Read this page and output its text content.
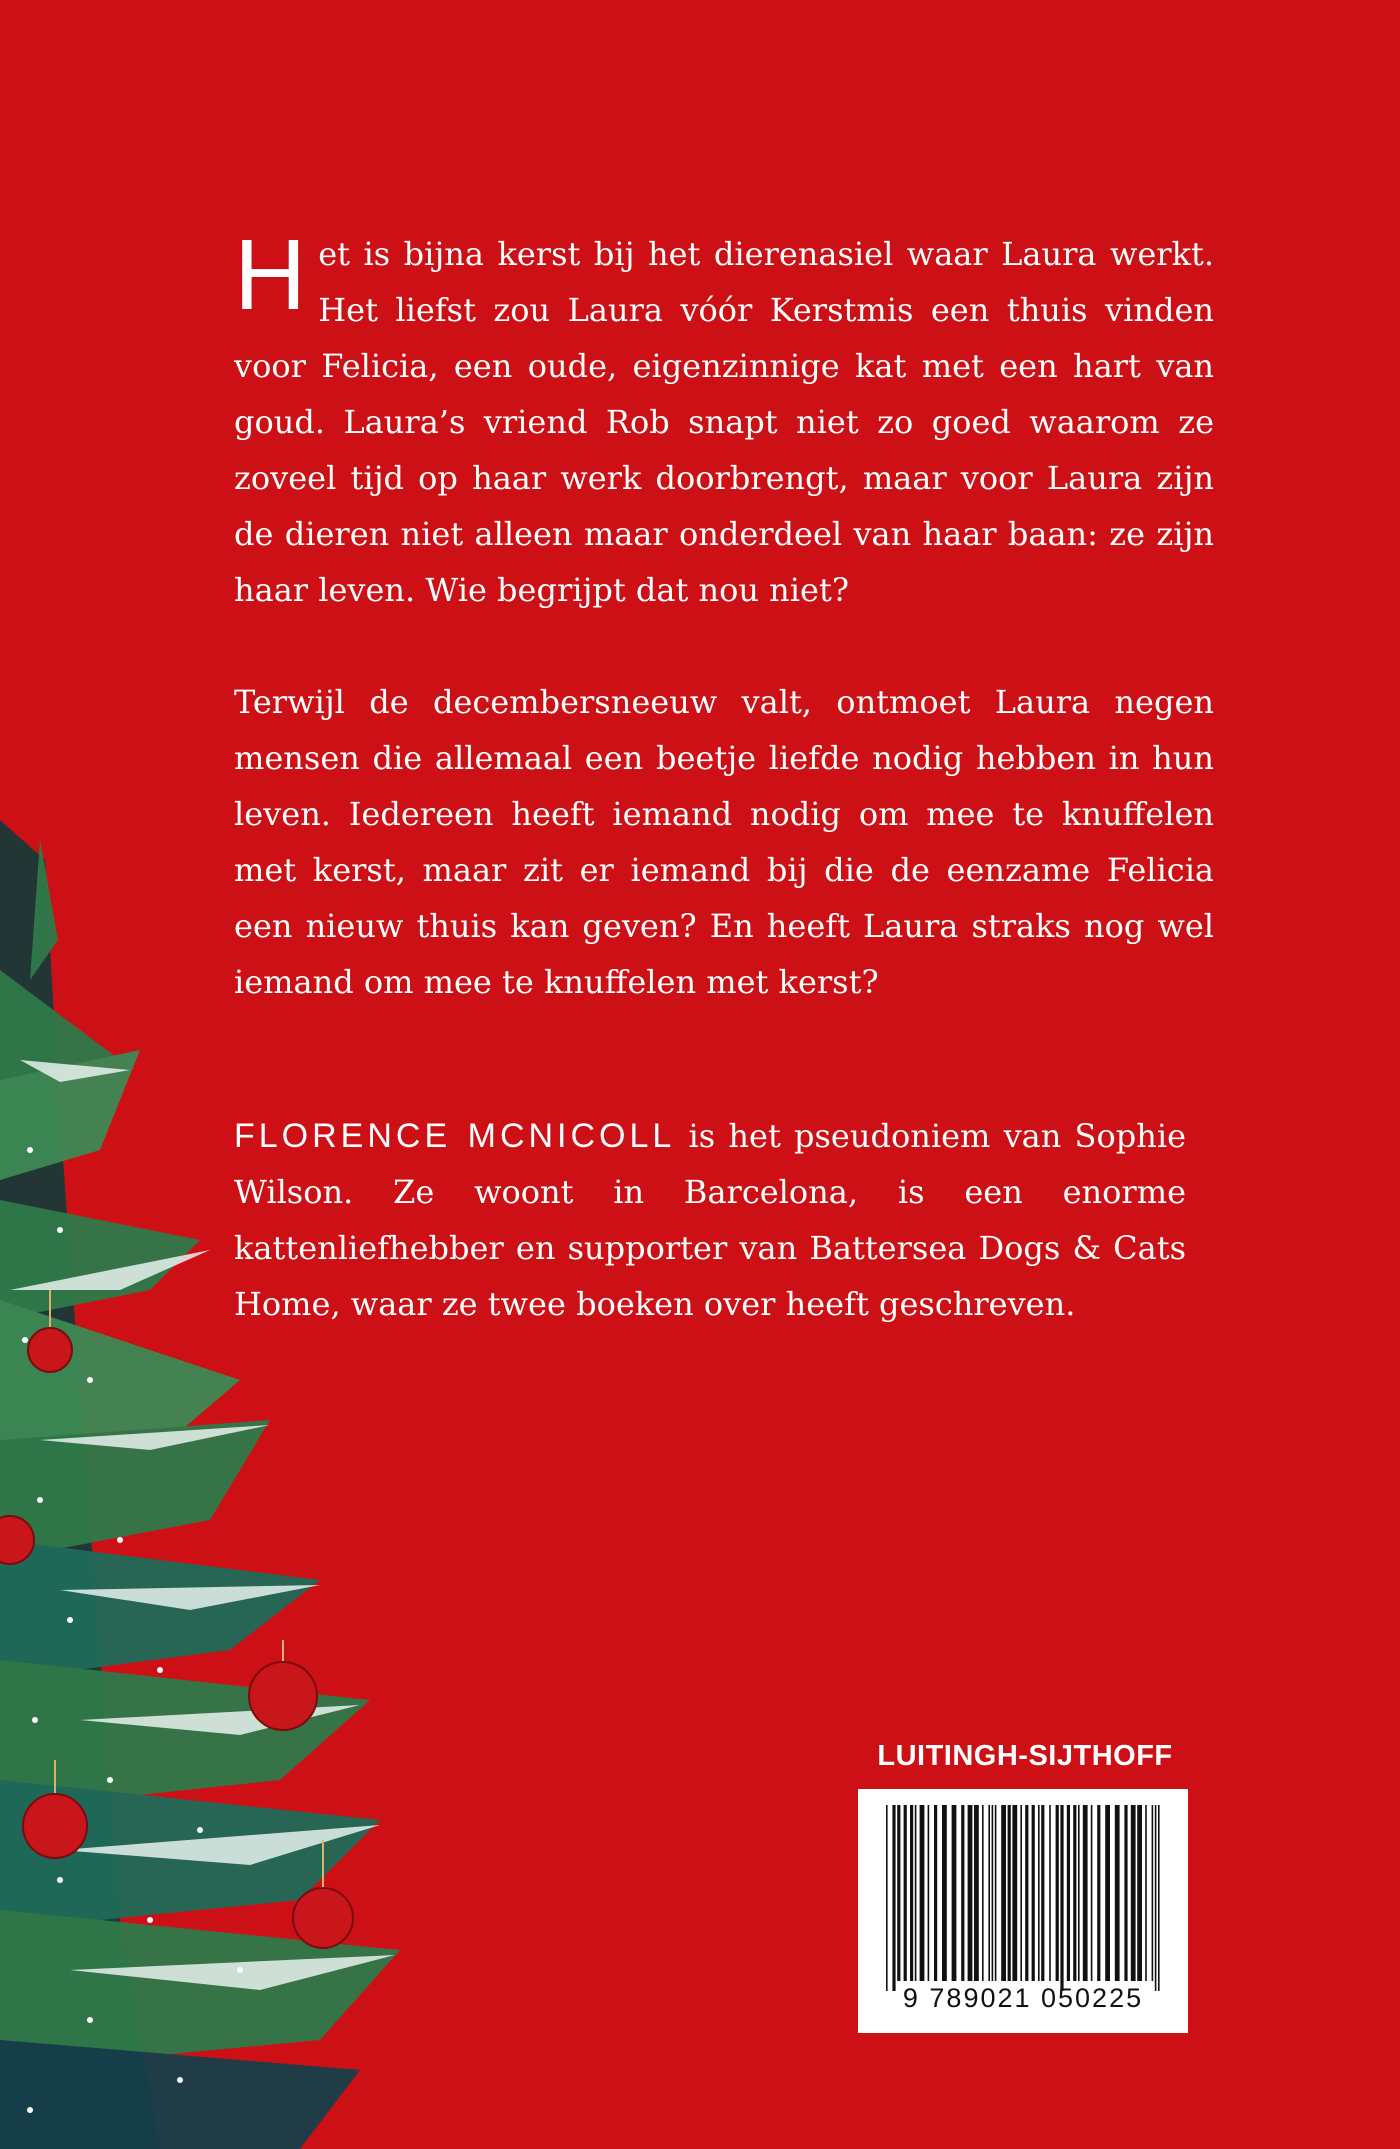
Het is bijna kerst bij het dierenasiel waar Laura werkt. Het liefst zou Laura vóór Kerstmis een thuis vinden voor Felicia, een oude, eigenzinnige kat met een hart van goud. Laura’s vriend Rob snapt niet zo goed waarom ze zoveel tijd op haar werk doorbrengt, maar voor Laura zijn de dieren niet alleen maar onderdeel van haar baan: ze zijn haar leven. Wie begrijpt dat nou niet?

Terwijl de decembersneeuw valt, ontmoet Laura negen mensen die allemaal een beetje liefde nodig hebben in hun leven. Iedereen heeft iemand nodig om mee te knuffelen met kerst, maar zit er iemand bij die de eenzame Felicia een nieuw thuis kan geven? En heeft Laura straks nog wel iemand om mee te knuffelen met kerst?

FLORENCE MCNICOLL is het pseudoniem van Sophie Wilson. Ze woont in Barcelona, is een enorme kattenliefhebber en supporter van Battersea Dogs & Cats Home, waar ze twee boeken over heeft geschreven.

LUITINGH-SIJTHOFF
9 789021 050225
